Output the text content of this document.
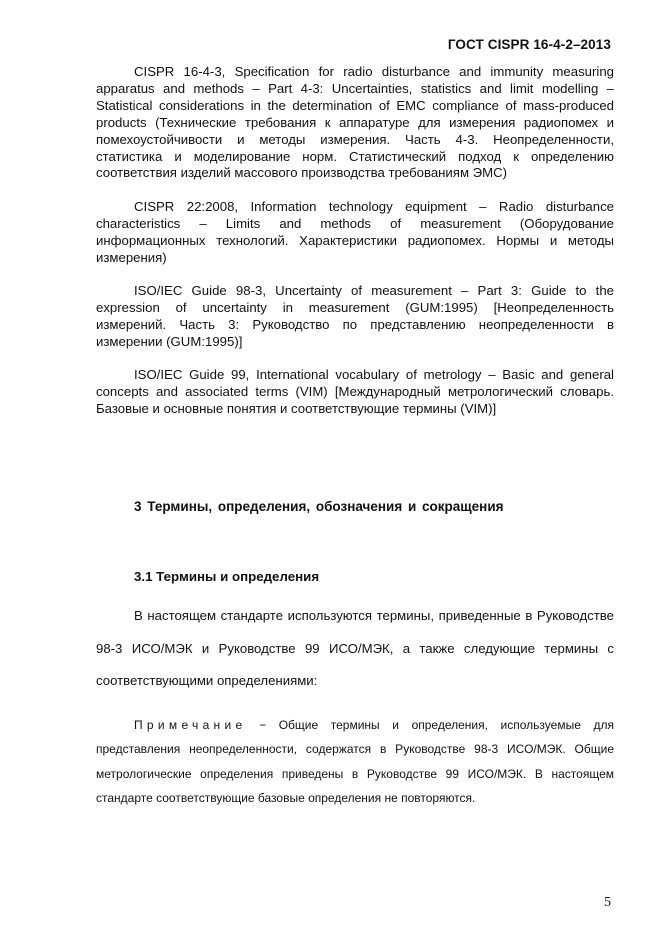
ГОСТ CISPR 16-4-2–2013

CISPR 16-4-3, Specification for radio disturbance and immunity measuring apparatus and methods – Part 4-3: Uncertainties, statistics and limit modelling – Statistical considerations in the determination of EMC compliance of mass-produced products (Технические требования к аппаратуре для измерения радиопомех и помехоустойчивости и методы измерения. Часть 4-3. Неопределенности, статистика и моделирование норм. Статистический подход к определению соответствия изделий массового производства требованиям ЭМС)

CISPR 22:2008, Information technology equipment – Radio disturbance characteristics – Limits and methods of measurement (Оборудование информационных технологий. Характеристики радиопомех. Нормы и методы измерения)

ISO/IEC Guide 98-3, Uncertainty of measurement – Part 3: Guide to the expression of uncertainty in measurement (GUM:1995) [Неопределенность измерений. Часть 3: Руководство по представлению неопределенности в измерении (GUM:1995)]

ISO/IEC Guide 99, International vocabulary of metrology – Basic and general concepts and associated terms (VIM) [Международный метрологический словарь. Базовые и основные понятия и соответствующие термины (VIM)]

3 Термины, определения, обозначения и сокращения
3.1 Термины и определения

В настоящем стандарте используются термины, приведенные в Руководстве 98-3 ИСО/МЭК и Руководстве 99 ИСО/МЭК, а также следующие термины с соответствующими определениями:

Примечание − Общие термины и определения, используемые для представления неопределенности, содержатся в Руководстве 98-3 ИСО/МЭК. Общие метрологические определения приведены в Руководстве 99 ИСО/МЭК. В настоящем стандарте соответствующие базовые определения не повторяются.

5
